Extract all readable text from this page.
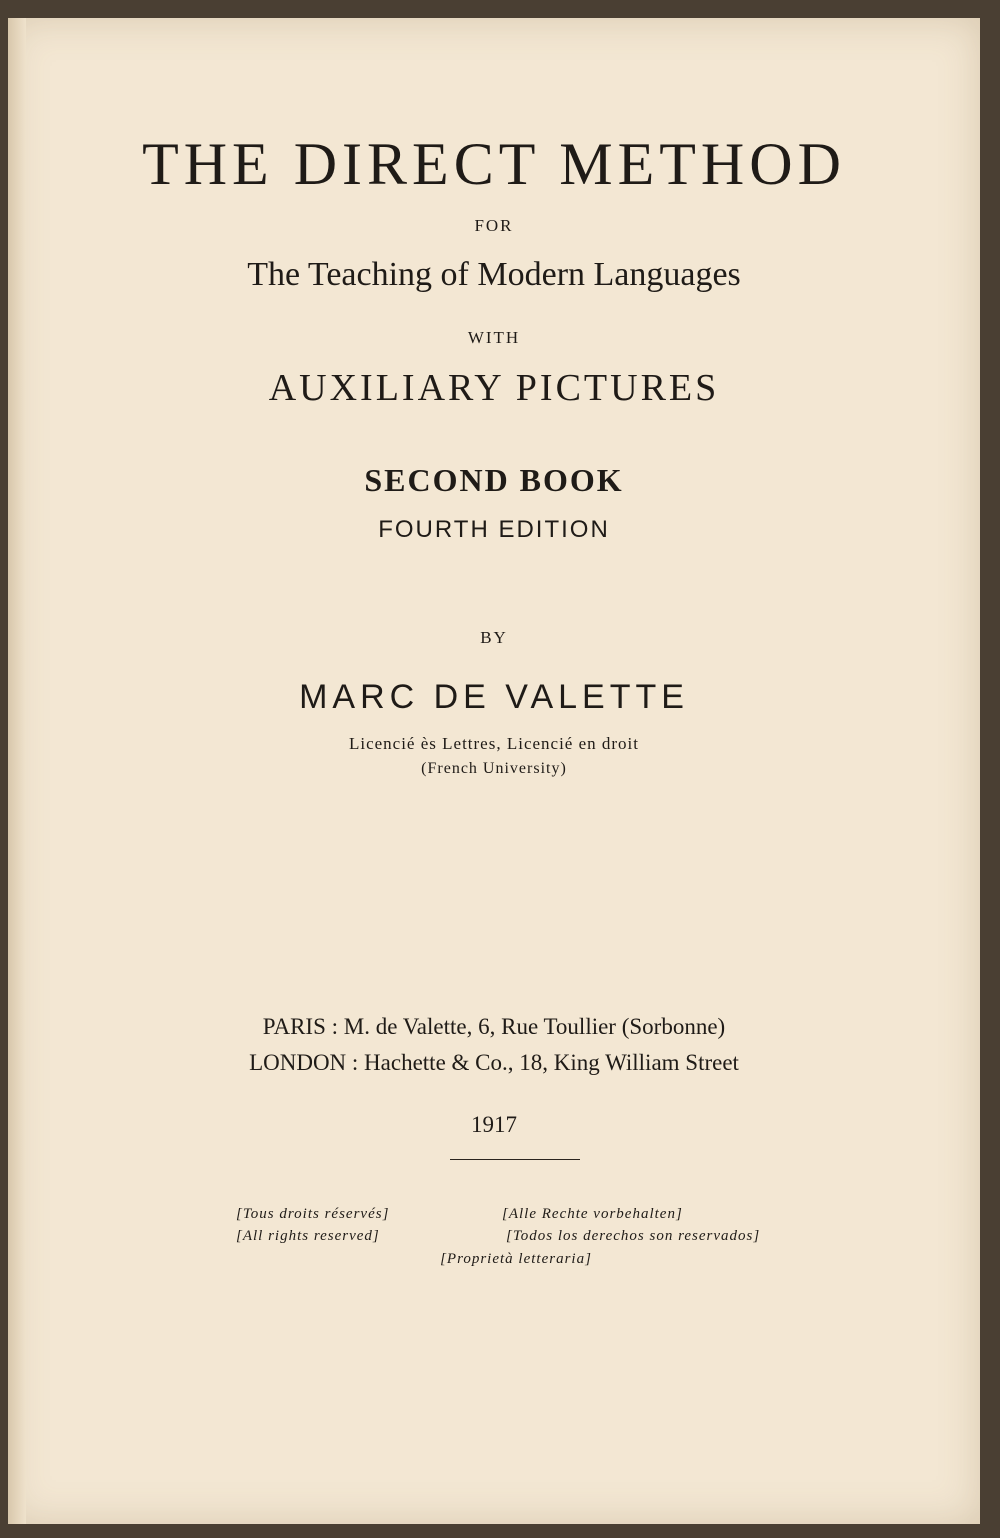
THE DIRECT METHOD
FOR
The Teaching of Modern Languages
WITH
AUXILIARY PICTURES
SECOND BOOK
FOURTH EDITION
BY
MARC DE VALETTE
Licencié ès Lettres, Licencié en droit
(French University)
PARIS : M. de Valette, 6, Rue Toullier (Sorbonne)
LONDON : Hachette & Co., 18, King William Street
1917
[Tous droits réservés]	[Alle Rechte vorbehalten]
[All rights reserved]	[Todos los derechos son reservados]
[Proprietà letteraria]
